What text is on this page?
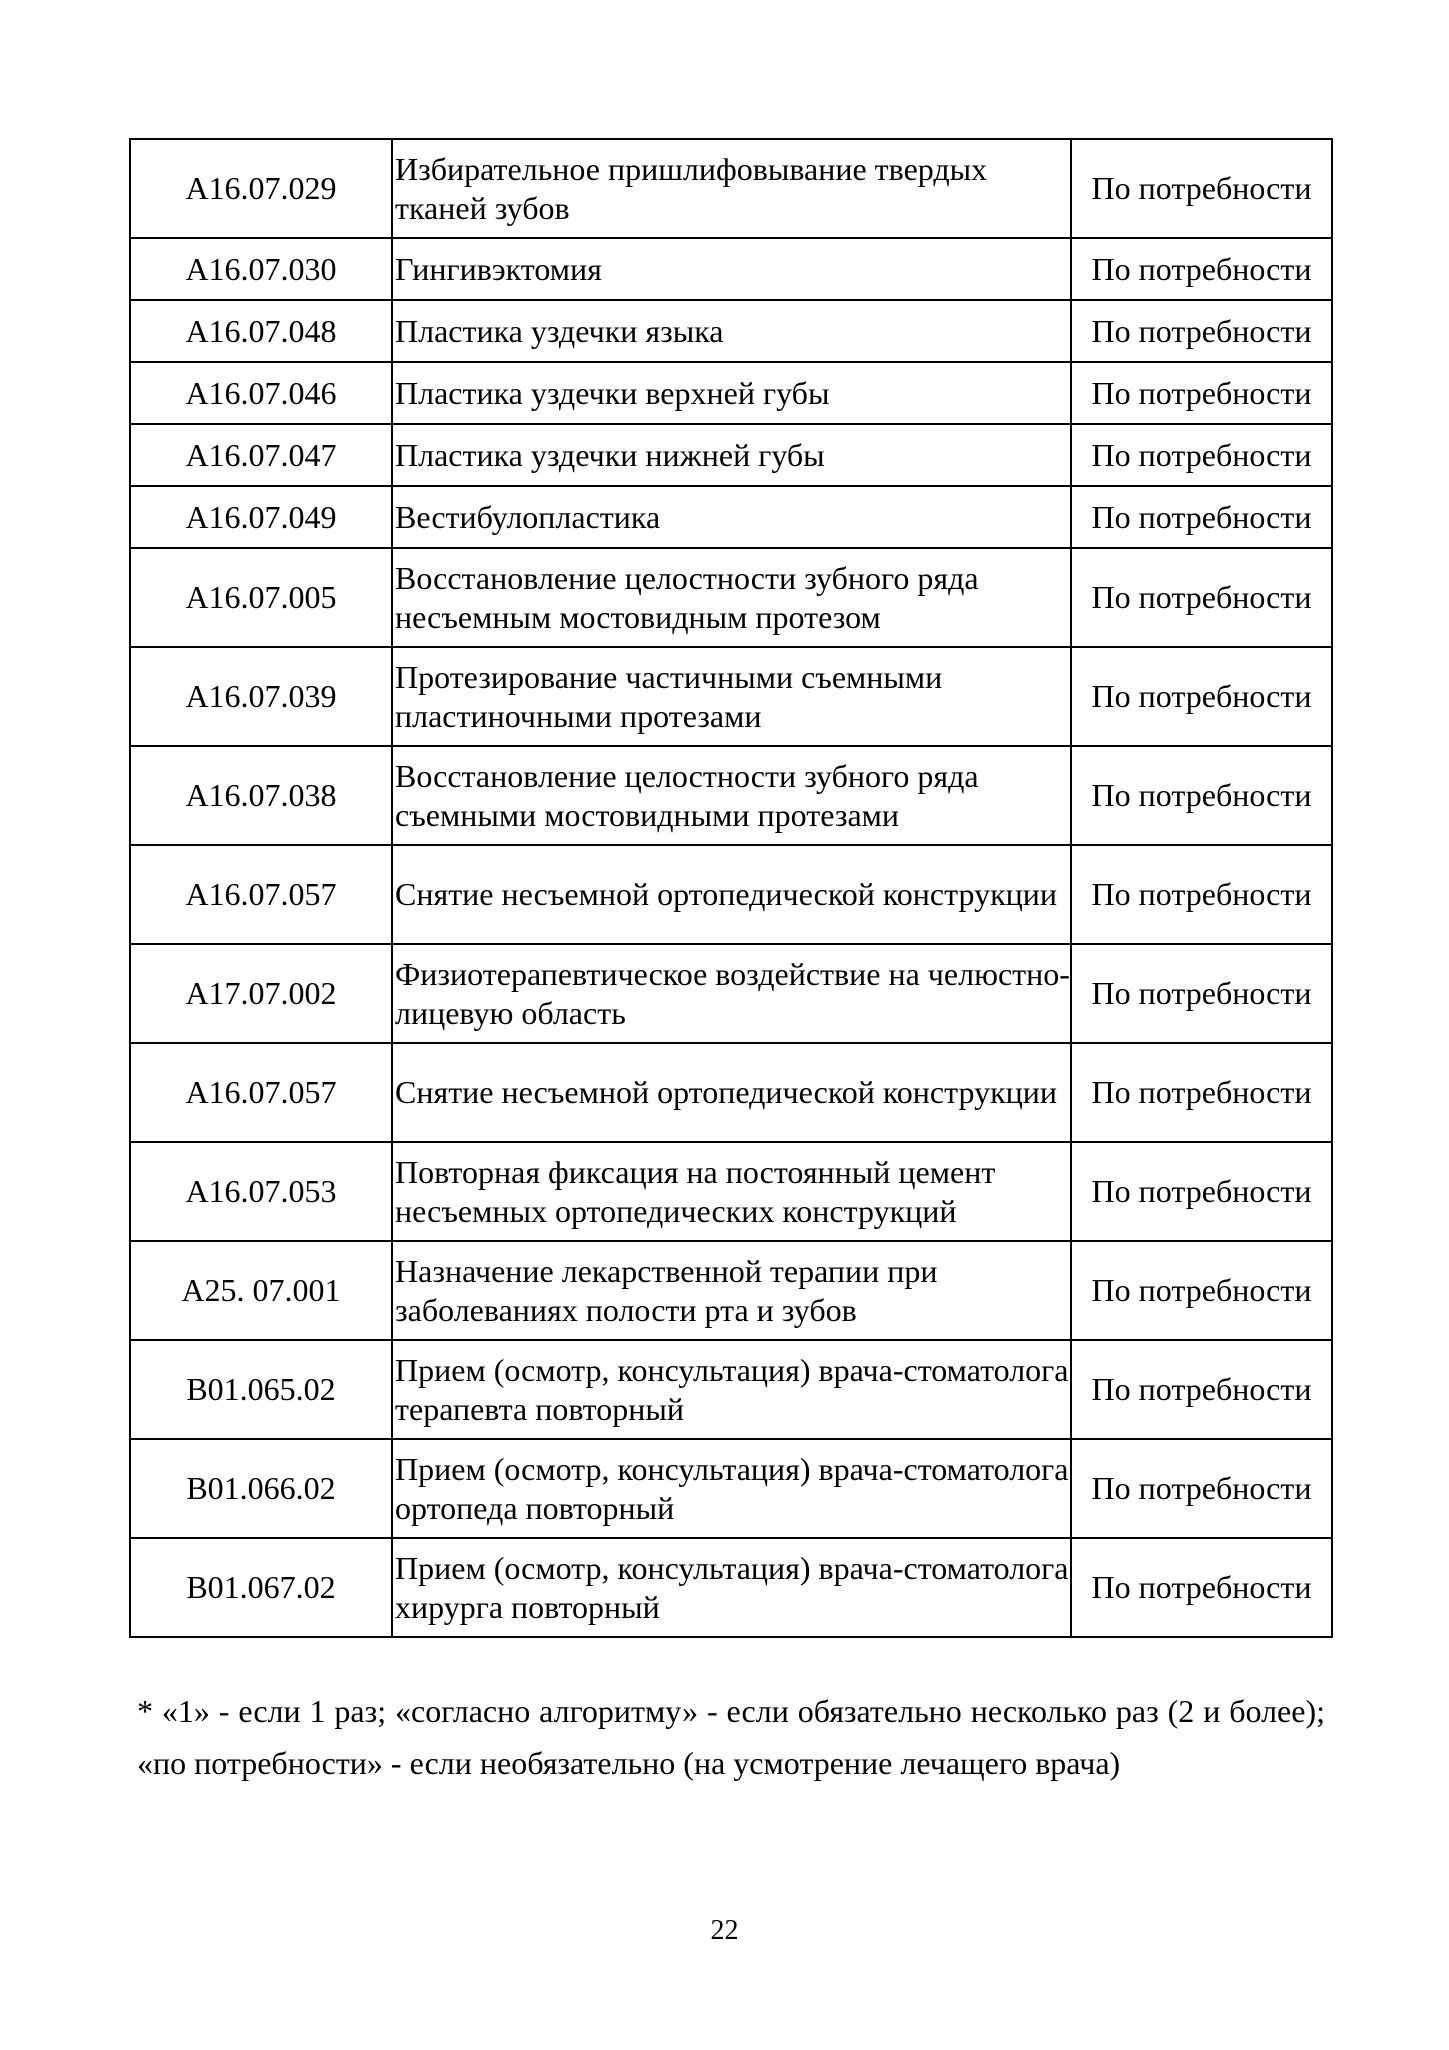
A16.07.029	Избирательное пришлифовывание твердых тканей зубов	По потребности
A16.07.030	Гингивэктомия	По потребности
A16.07.048	Пластика уздечки языка	По потребности
A16.07.046	Пластика уздечки верхней губы	По потребности
A16.07.047	Пластика уздечки нижней губы	По потребности
A16.07.049	Вестибулопластика	По потребности
A16.07.005	Восстановление целостности зубного ряда несъемным мостовидным протезом	По потребности
A16.07.039	Протезирование частичными съемными пластиночными протезами	По потребности
A16.07.038	Восстановление целостности зубного ряда съемными мостовидными протезами	По потребности
A16.07.057	Снятие несъемной ортопедической конструкции	По потребности
A17.07.002	Физиотерапевтическое воздействие на челюстно-лицевую область	По потребности
A16.07.057	Снятие несъемной ортопедической конструкции	По потребности
A16.07.053	Повторная фиксация на постоянный цемент несъемных ортопедических конструкций	По потребности
A25. 07.001	Назначение лекарственной терапии при заболеваниях полости рта и зубов	По потребности
B01.065.02	Прием (осмотр, консультация) врача-стоматолога терапевта повторный	По потребности
B01.066.02	Прием (осмотр, консультация) врача-стоматолога ортопеда повторный	По потребности
B01.067.02	Прием (осмотр, консультация) врача-стоматолога хирурга повторный	По потребности
* «1» - если 1 раз; «согласно алгоритму» - если обязательно несколько раз (2 и более); «по потребности» - если необязательно (на усмотрение лечащего врача)
22
